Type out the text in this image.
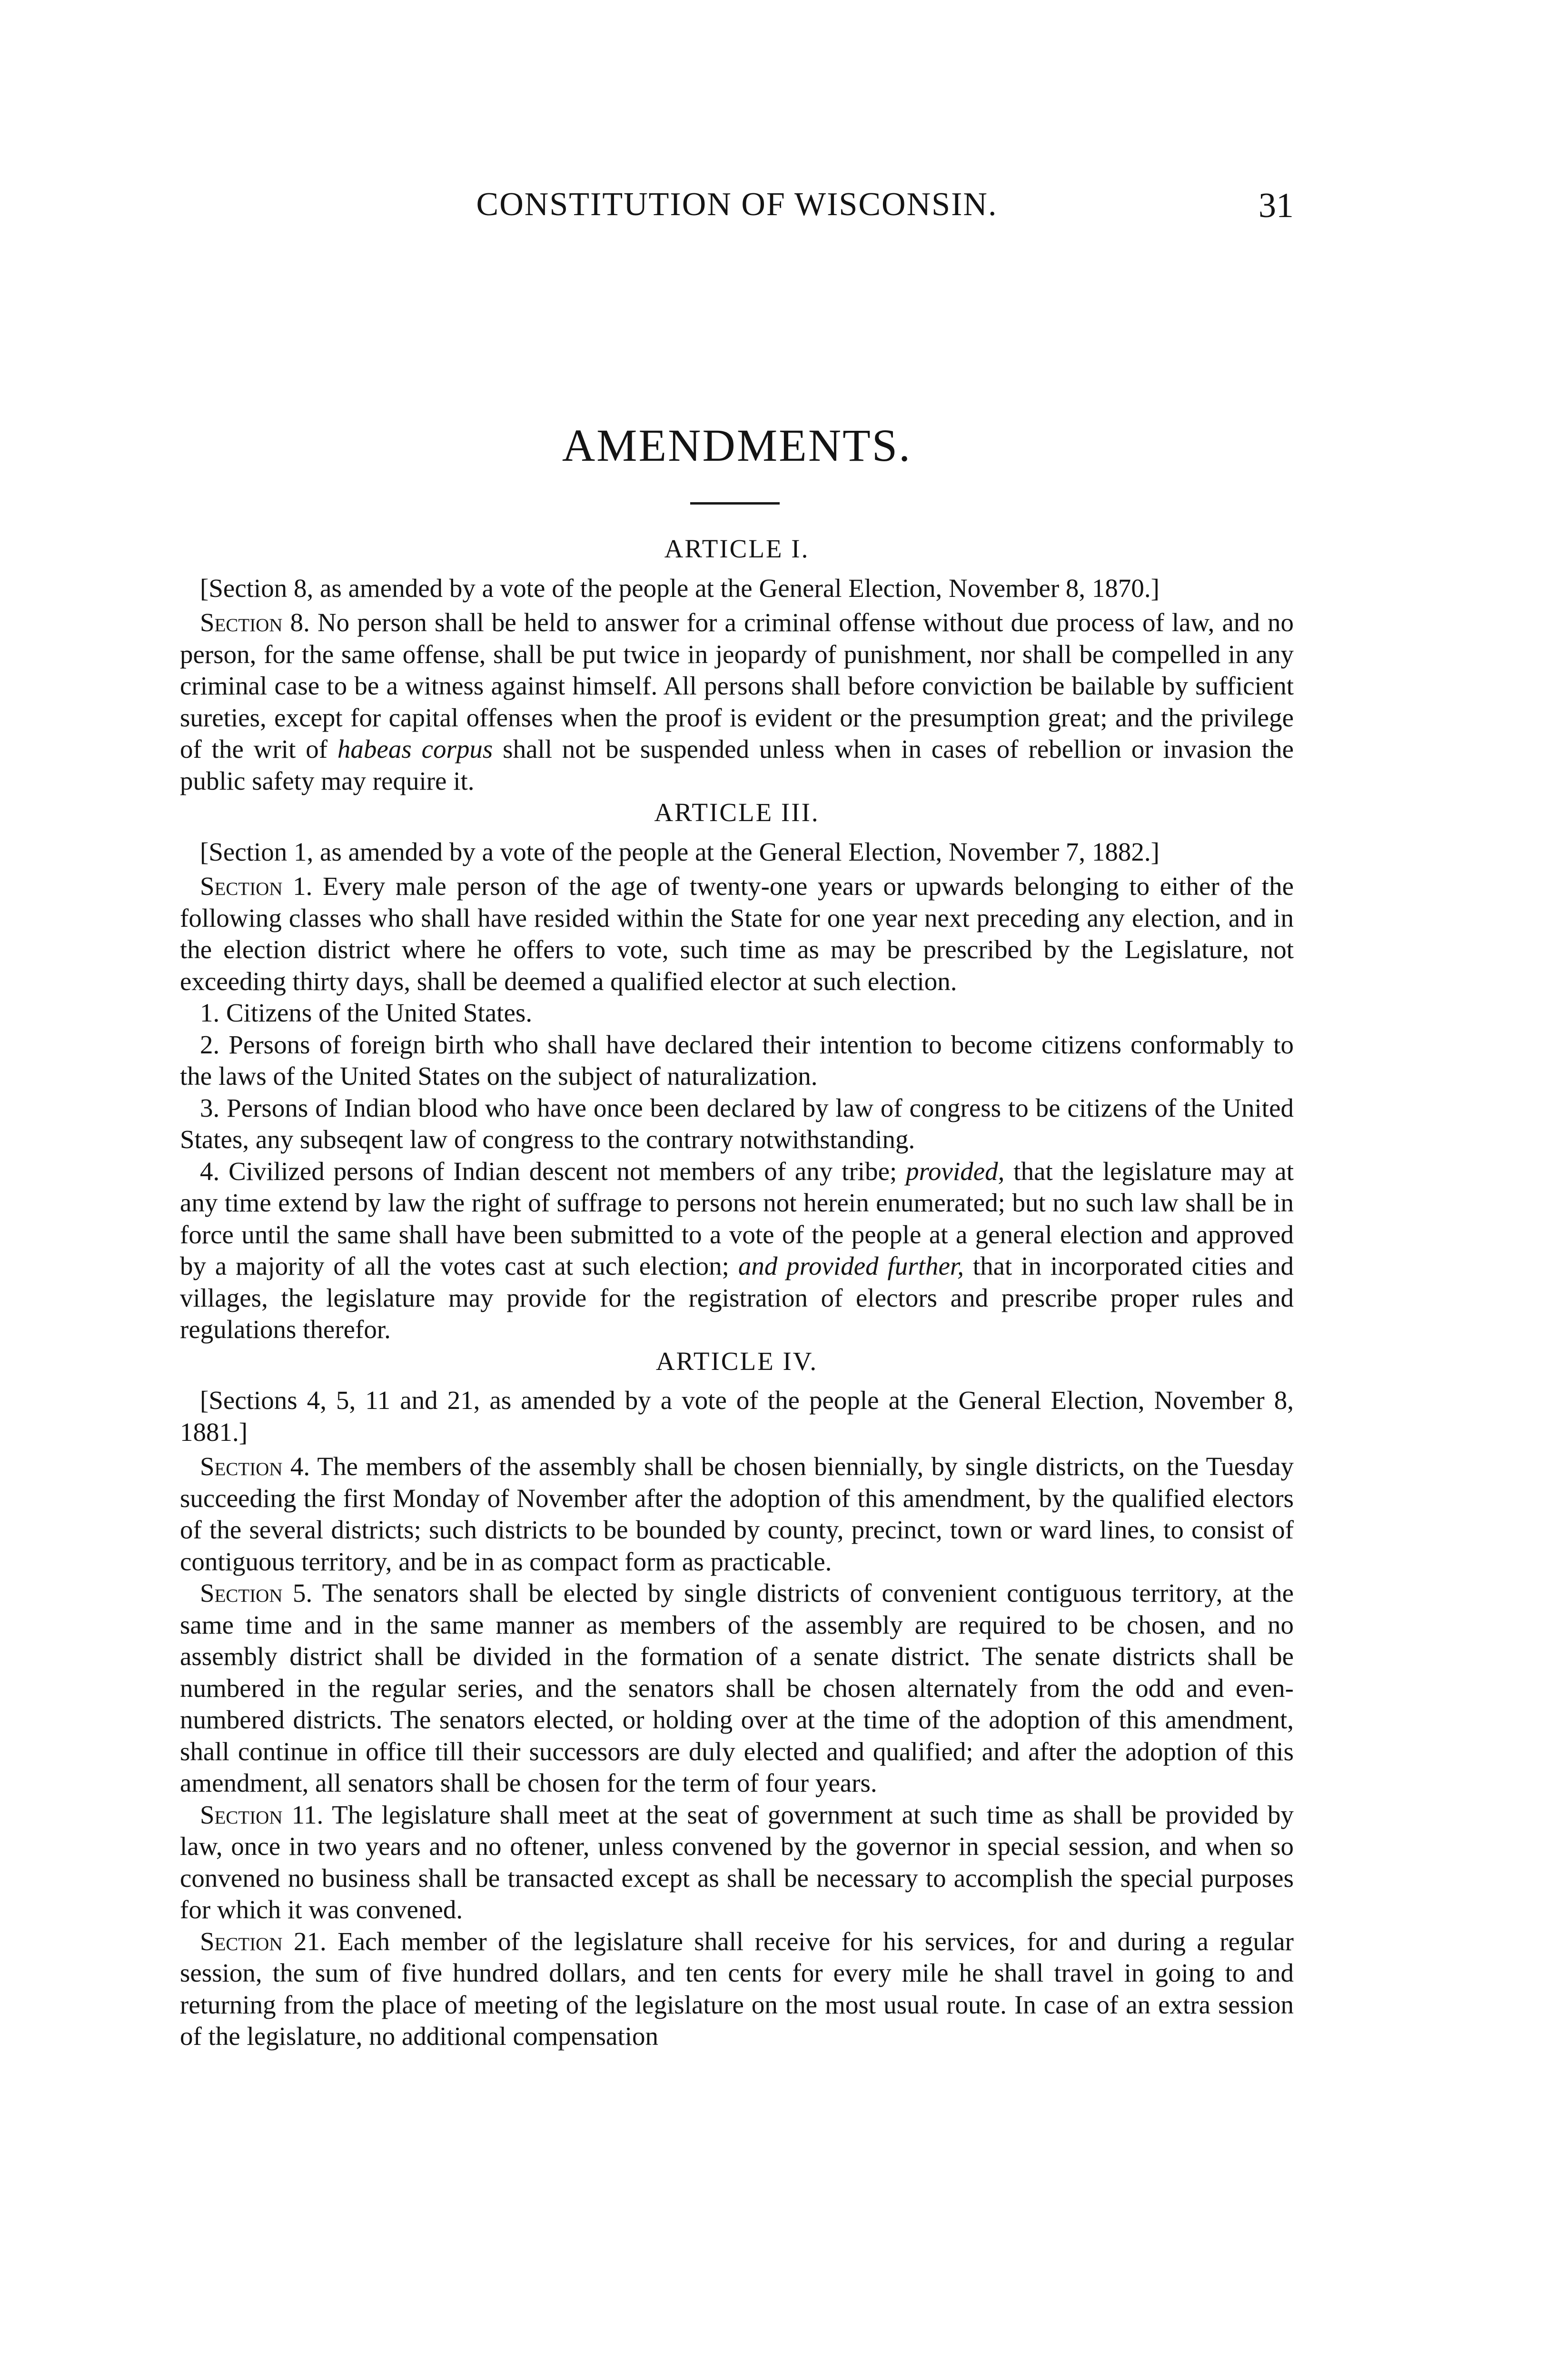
CONSTITUTION OF WISCONSIN.	31
AMENDMENTS.
ARTICLE I.

[Section 8, as amended by a vote of the people at the General Election, November 8, 1870.]

Section 8. No person shall be held to answer for a criminal offense without due process of law, and no person, for the same offense, shall be put twice in jeopardy of punishment, nor shall be compelled in any criminal case to be a witness against himself. All persons shall before conviction be bailable by sufficient sureties, except for capital offenses when the proof is evident or the presumption great; and the privilege of the writ of habeas corpus shall not be suspended unless when in cases of rebellion or invasion the public safety may require it.

ARTICLE III.

[Section 1, as amended by a vote of the people at the General Election, November 7, 1882.]

Section 1. Every male person of the age of twenty-one years or upwards belonging to either of the following classes who shall have resided within the State for one year next preceding any election, and in the election district where he offers to vote, such time as may be prescribed by the Legislature, not exceeding thirty days, shall be deemed a qualified elector at such election.

1. Citizens of the United States.

2. Persons of foreign birth who shall have declared their intention to become citizens conformably to the laws of the United States on the subject of naturalization.

3. Persons of Indian blood who have once been declared by law of congress to be citizens of the United States, any subseqent law of congress to the contrary notwithstanding.

4. Civilized persons of Indian descent not members of any tribe; provided, that the legislature may at any time extend by law the right of suffrage to persons not herein enumerated; but no such law shall be in force until the same shall have been submitted to a vote of the people at a general election and approved by a majority of all the votes cast at such election; and provided further, that in incorporated cities and villages, the legislature may provide for the registration of electors and prescribe proper rules and regulations therefor.

ARTICLE IV.

[Sections 4, 5, 11 and 21, as amended by a vote of the people at the General Election, November 8, 1881.]

Section 4. The members of the assembly shall be chosen biennially, by single districts, on the Tuesday succeeding the first Monday of November after the adoption of this amendment, by the qualified electors of the several districts; such districts to be bounded by county, precinct, town or ward lines, to consist of contiguous territory, and be in as compact form as practicable.

Section 5. The senators shall be elected by single districts of convenient contiguous territory, at the same time and in the same manner as members of the assembly are required to be chosen, and no assembly district shall be divided in the formation of a senate district. The senate districts shall be numbered in the regular series, and the senators shall be chosen alternately from the odd and even-numbered districts. The senators elected, or holding over at the time of the adoption of this amendment, shall continue in office till their successors are duly elected and qualified; and after the adoption of this amendment, all senators shall be chosen for the term of four years.

Section 11. The legislature shall meet at the seat of government at such time as shall be provided by law, once in two years and no oftener, unless convened by the governor in special session, and when so convened no business shall be transacted except as shall be necessary to accomplish the special purposes for which it was convened.

Section 21. Each member of the legislature shall receive for his services, for and during a regular session, the sum of five hundred dollars, and ten cents for every mile he shall travel in going to and returning from the place of meeting of the legislature on the most usual route. In case of an extra session of the legislature, no additional compensation
